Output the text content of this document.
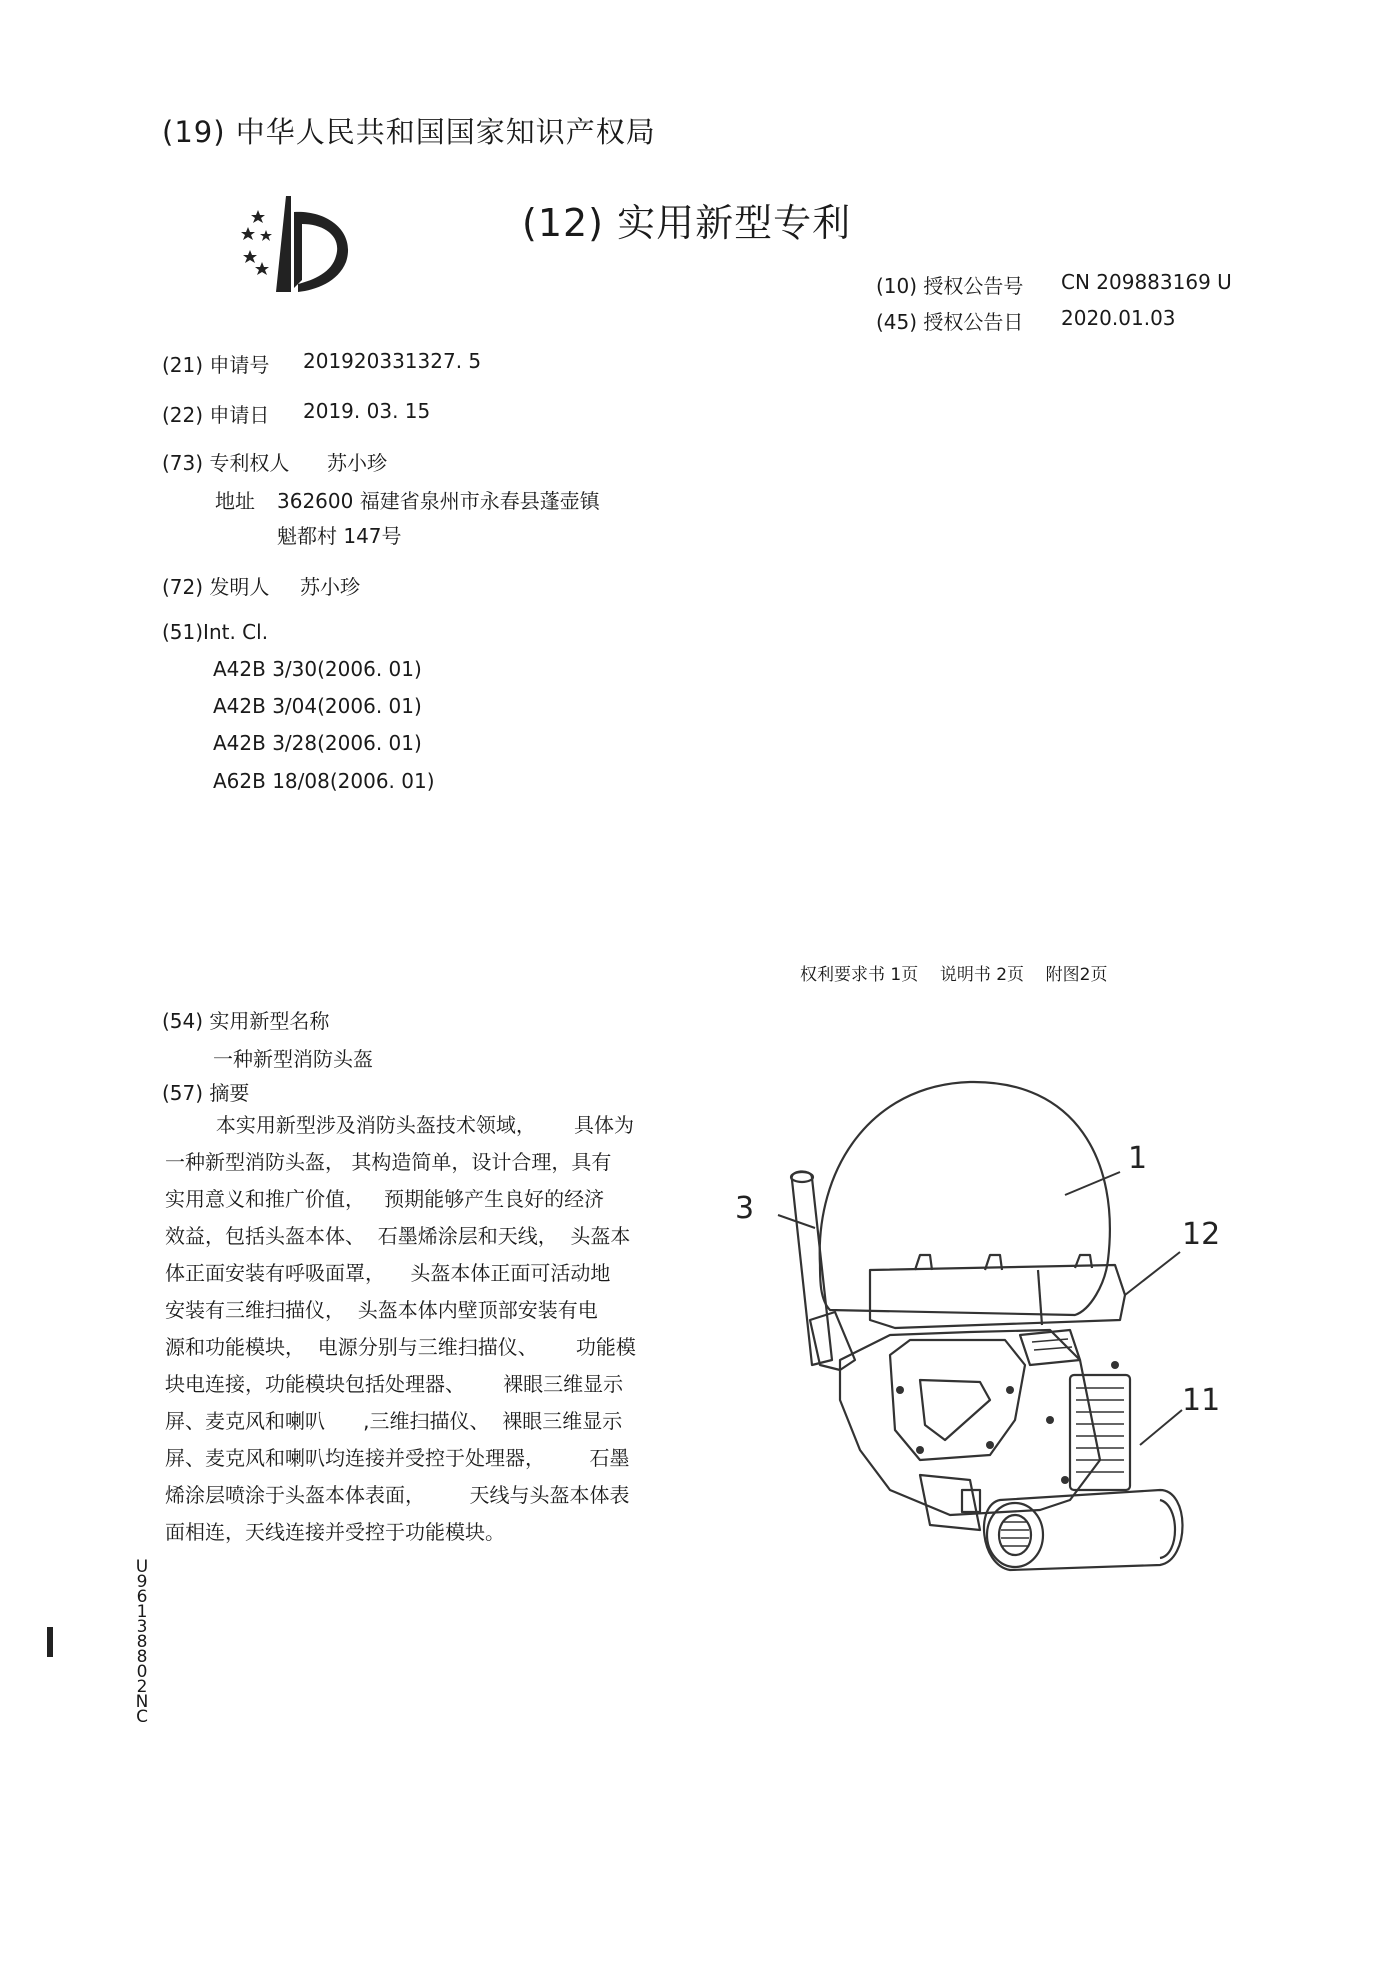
(19) 中华人民共和国国家知识产权局
(12) 实用新型专利
(10) 授权公告号 CN 209883169 U
(45) 授权公告日 2020.01.03
(21) 申请号 201920331327. 5
(22) 申请日 2019. 03. 15
(73) 专利权人 苏小珍
地址 362600 福建省泉州市永春县蓬壶镇
魁都村 147号
(72) 发明人 苏小珍
(51)Int. Cl.
A42B 3/30(2006. 01)
A42B 3/04(2006. 01)
A42B 3/28(2006. 01)
A62B 18/08(2006. 01)
权利要求书 1页    说明书 2页    附图2页
(54) 实用新型名称
一种新型消防头盔
(57) 摘要

本实用新型涉及消防头盔技术领域，      具体为

一种新型消防头盔， 其构造简单，设计合理，具有

实用意义和推广价值，   预期能够产生良好的经济

效益，包括头盔本体、  石墨烯涂层和天线，  头盔本

体正面安装有呼吸面罩，    头盔本体正面可活动地

安装有三维扫描仪，  头盔本体内壁顶部安装有电

源和功能模块，  电源分别与三维扫描仪、      功能模

块电连接，功能模块包括处理器、      裸眼三维显示

屏、麦克风和喇叭      ,三维扫描仪、  裸眼三维显示

屏、麦克风和喇叭均连接并受控于处理器，       石墨

烯涂层喷涂于头盔本体表面，       天线与头盔本体表

面相连，天线连接并受控于功能模块。

1
12
3
11
U
9
6
1
3
8
8
0
2
N
C
